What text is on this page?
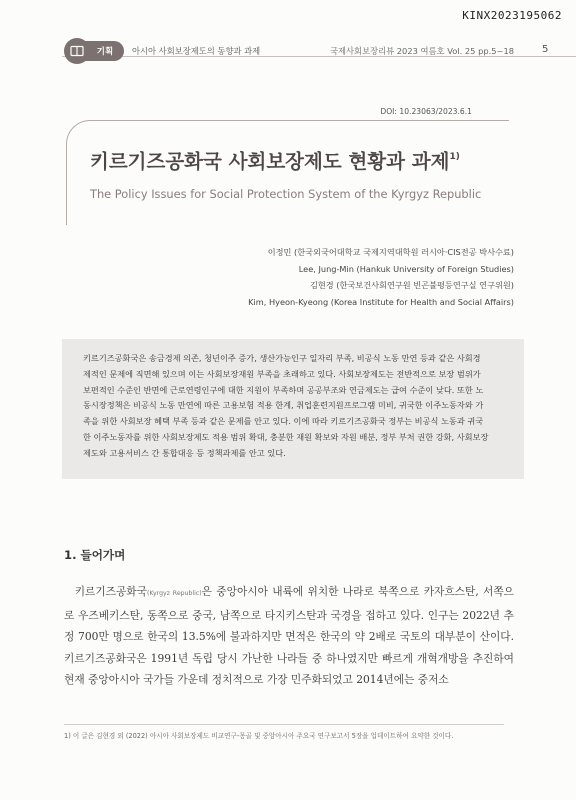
KINX2023195062
기획	아시아 사회보장제도의 동향과 과제	국제사회보장리뷰 2023 여름호 Vol. 25 pp.5~18	5
DOI: 10.23063/2023.6.1
키르기즈공화국 사회보장제도 현황과 과제$^{1)}$
The Policy Issues for Social Protection System of the Kyrgyz Republic
이정민 (한국외국어대학교 국제지역대학원 러시아·CIS전공 박사수료)
Lee, Jung-Min (Hankuk University of Foreign Studies)
김현경 (한국보건사회연구원 빈곤불평등연구실 연구위원)
Kim, Hyeon-Kyeong (Korea Institute for Health and Social Affairs)
키르기즈공화국은 송금경제 의존, 청년이주 증가, 생산가능인구 일자리 부족, 비공식 노동 만연 등과 같은 사회경
제적인 문제에 직면해 있으며 이는 사회보장재원 부족을 초래하고 있다. 사회보장제도는 전반적으로 보장 범위가
보편적인 수준인 반면에 근로연령인구에 대한 지원이 부족하며 공공부조와 연금제도는 급여 수준이 낮다. 또한 노
동시장정책은 비공식 노동 만연에 따른 고용보험 적용 한계, 취업훈련지원프로그램 미비, 귀국한 이주노동자와 가
족을 위한 사회보장 혜택 부족 등과 같은 문제를 안고 있다. 이에 따라 키르기즈공화국 정부는 비공식 노동과 귀국
한 이주노동자를 위한 사회보장제도 적용 범위 확대, 충분한 재원 확보와 자원 배분, 정부 부처 권한 강화, 사회보장
제도와 고용서비스 간 통합대응 등 정책과제를 안고 있다.
1. 들어가며
 키르기즈공화국(Kyrgyz Republic)은 중앙아시아 내륙에 위치한 나라로 북쪽으로 카자흐스탄, 서쪽으로 우즈베키스탄, 동쪽으로 중국, 남쪽으로 타지키스탄과 국경을 접하고 있다. 인구는 2022년 추정 700만 명으로 한국의 13.5%에 불과하지만 면적은 한국의 약 2배로 국토의 대부분이 산이다. 키르기즈공화국은 1991년 독립 당시 가난한 나라들 중 하나였지만 빠르게 개혁개방을 추진하여 현재 중앙아시아 국가들 가운데 정치적으로 가장 민주화되었고 2014년에는 중저소
1) 이 글은 김현경 외 (2022) 아시아 사회보장제도 비교연구-몽골 및 중앙아시아 주요국 연구보고서 5장을 업데이트하여 요약한 것이다.
